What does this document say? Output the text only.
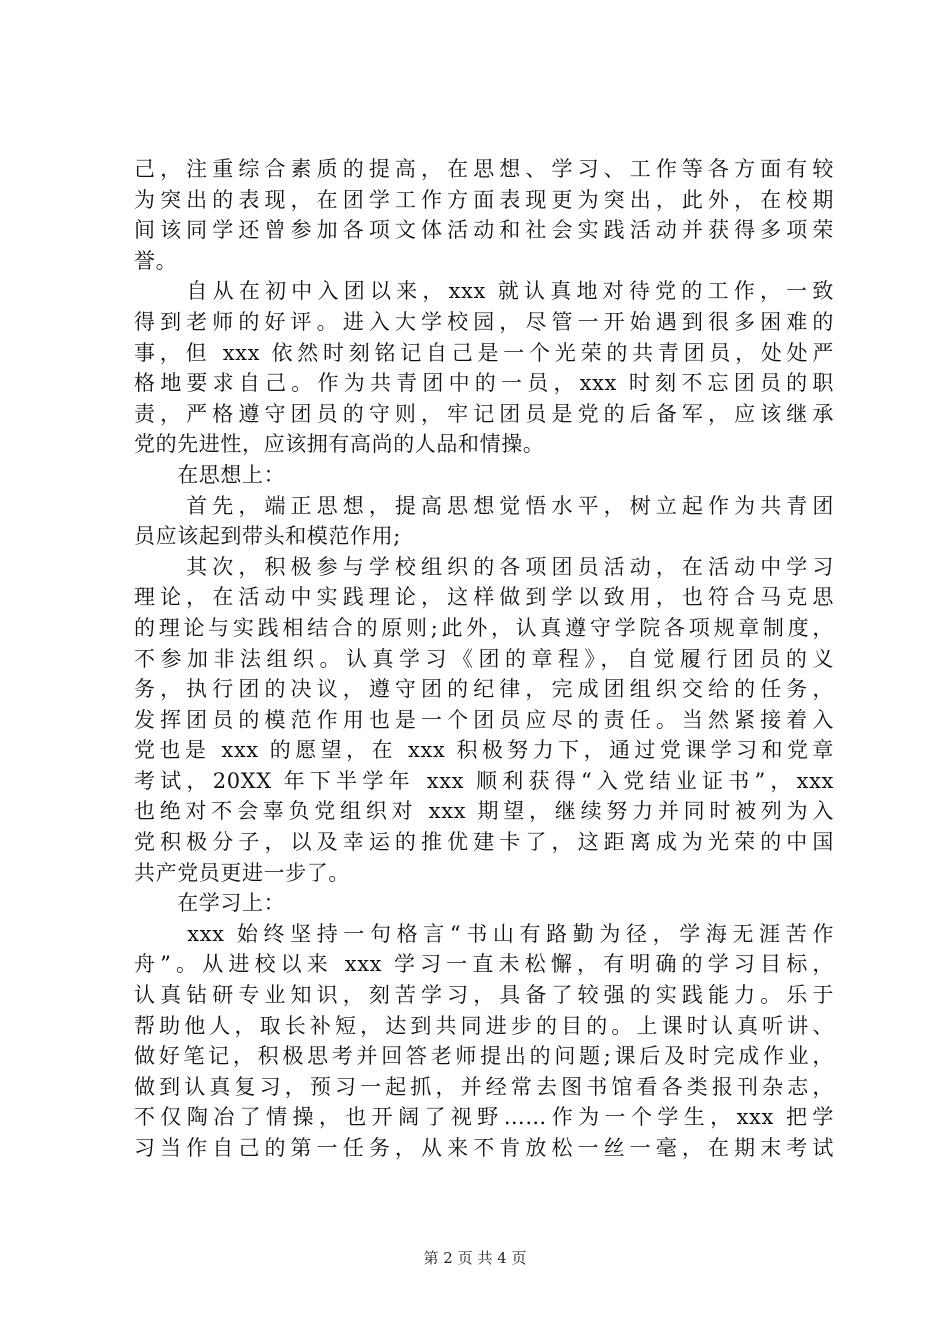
己，注重综合素质的提高，在思想、学习、工作等各方面有较
为突出的表现，在团学工作方面表现更为突出，此外，在校期
间该同学还曾参加各项文体活动和社会实践活动并获得多项荣
誉。
　　自从在初中入团以来，xxx 就认真地对待党的工作，一致
得到老师的好评。进入大学校园，尽管一开始遇到很多困难的
事，但 xxx 依然时刻铭记自己是一个光荣的共青团员，处处严
格地要求自己。作为共青团中的一员，xxx 时刻不忘团员的职
责，严格遵守团员的守则，牢记团员是党的后备军，应该继承
党的先进性，应该拥有高尚的人品和情操。
　　在思想上：
　　首先，端正思想，提高思想觉悟水平，树立起作为共青团
员应该起到带头和模范作用;
　　其次，积极参与学校组织的各项团员活动，在活动中学习
理论，在活动中实践理论，这样做到学以致用，也符合马克思
的理论与实践相结合的原则;此外，认真遵守学院各项规章制度，
不参加非法组织。认真学习《团的章程》，自觉履行团员的义
务，执行团的决议，遵守团的纪律，完成团组织交给的任务，
发挥团员的模范作用也是一个团员应尽的责任。当然紧接着入
党也是 xxx 的愿望，在 xxx 积极努力下，通过党课学习和党章
考试，20XX 年下半学年 xxx 顺利获得“入党结业证书”，xxx
也绝对不会辜负党组织对 xxx 期望，继续努力并同时被列为入
党积极分子，以及幸运的推优建卡了，这距离成为光荣的中国
共产党员更进一步了。
　　在学习上：
　　xxx 始终坚持一句格言“书山有路勤为径，学海无涯苦作
舟”。从进校以来 xxx 学习一直未松懈，有明确的学习目标，
认真钻研专业知识，刻苦学习，具备了较强的实践能力。乐于
帮助他人，取长补短，达到共同进步的目的。上课时认真听讲、
做好笔记，积极思考并回答老师提出的问题;课后及时完成作业，
做到认真复习，预习一起抓，并经常去图书馆看各类报刊杂志，
不仅陶冶了情操，也开阔了视野……作为一个学生，xxx 把学
习当作自己的第一任务，从来不肯放松一丝一毫，在期末考试
第 2 页 共 4 页
